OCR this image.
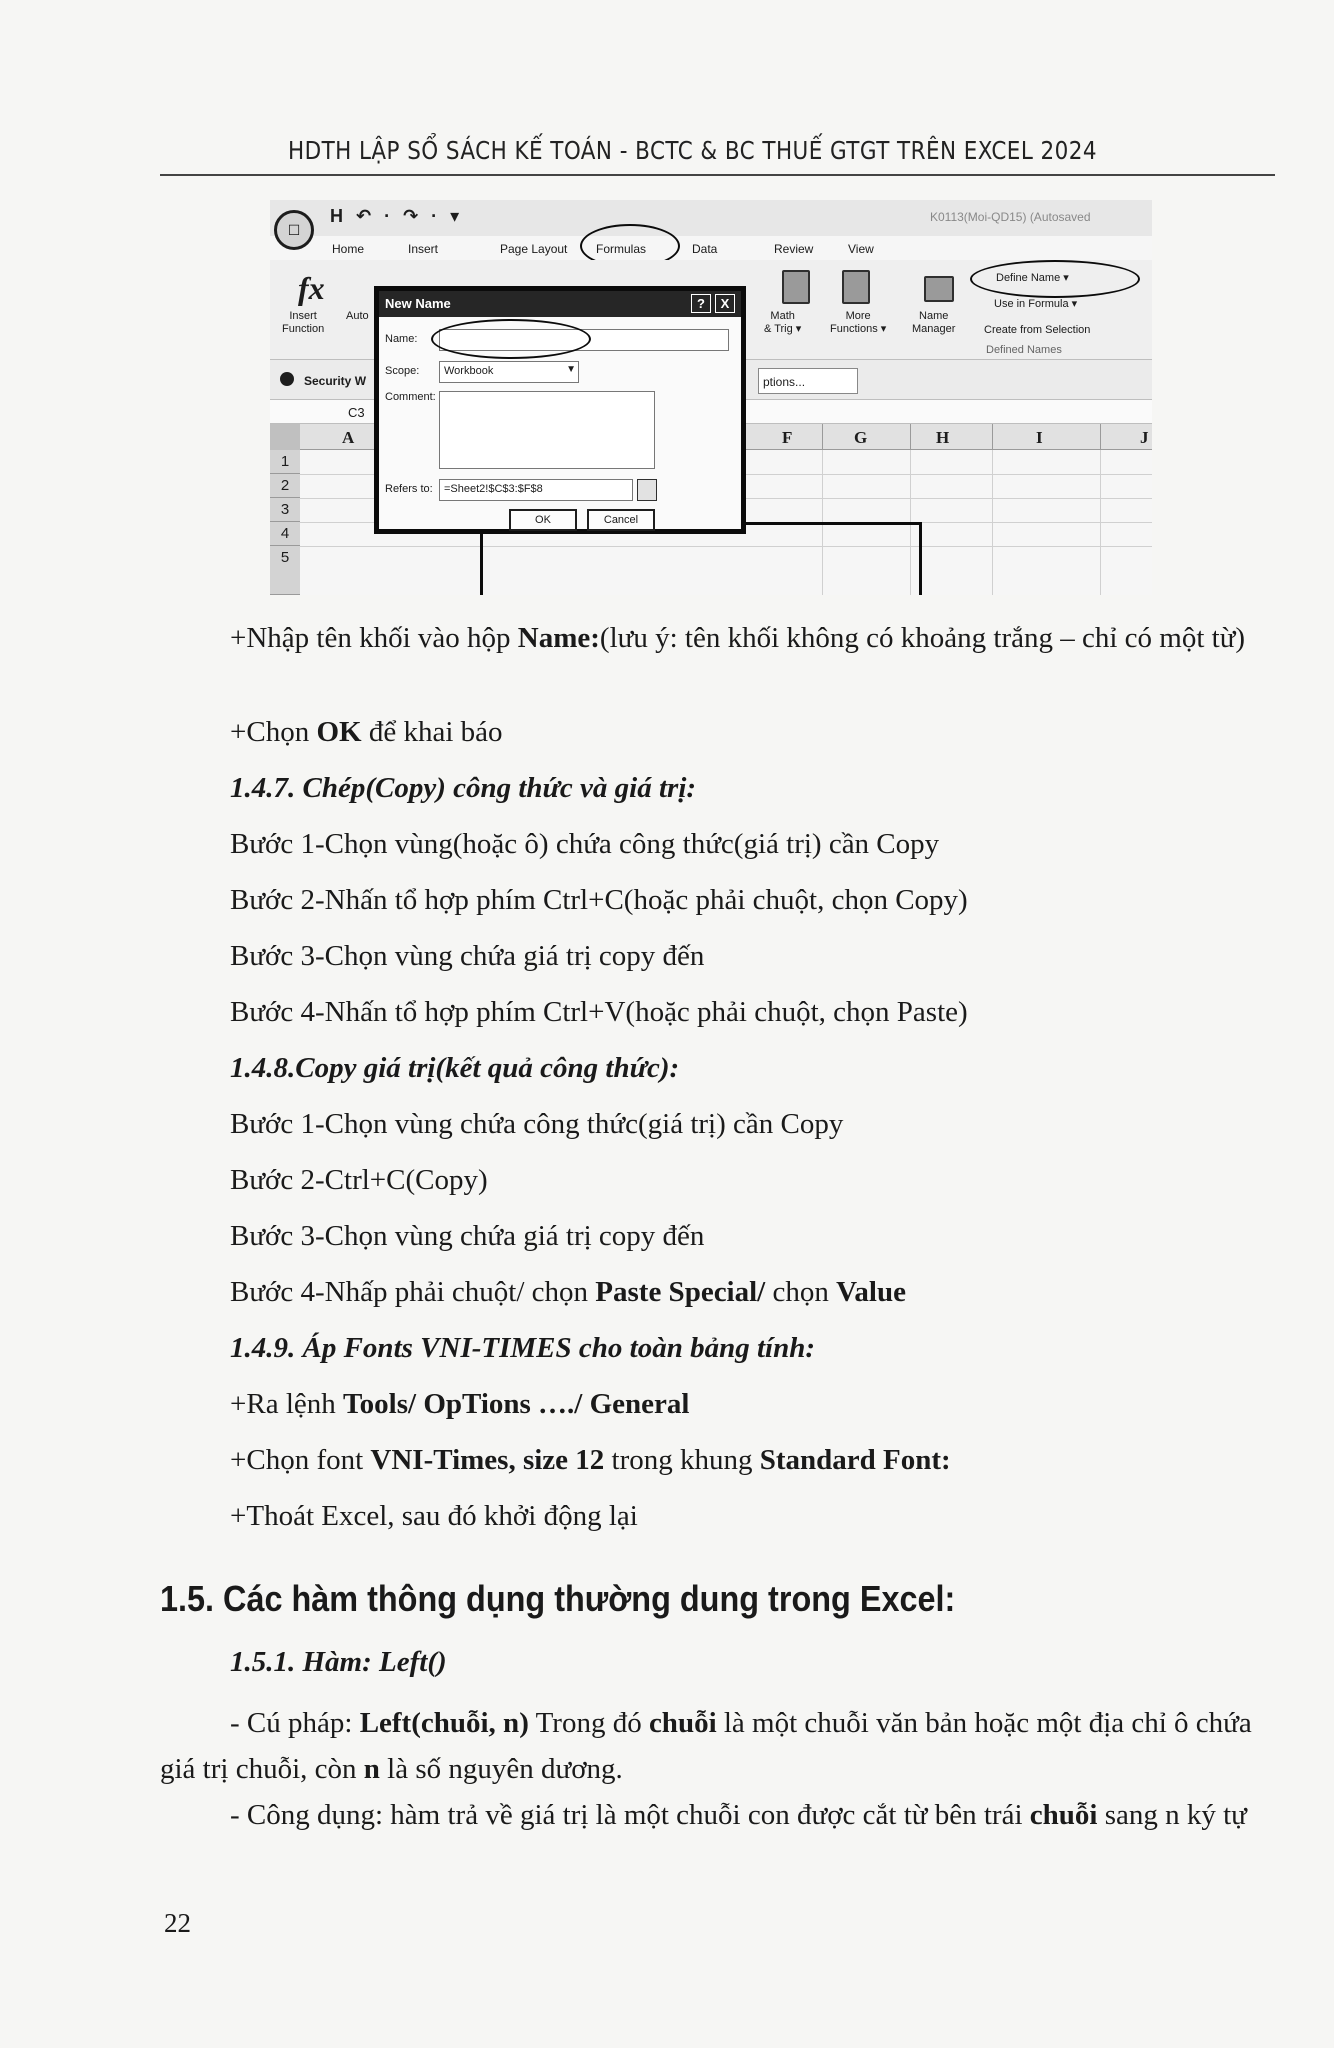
HDTH LẬP SỔ SÁCH KẾ TOÁN - BCTC & BC THUẾ GTGT TRÊN EXCEL 2024
H ↶ · ↷ · ▾	K0113(Moi-QD15) (Autosaved
☐
Home	Insert	Page Layout Formulas	Data	Review	View
fx
Insert
Function
Auto	Math
& Trig ▾
More
Functions ▾
Name
Manager
Define Name ▾
Use in Formula ▾
Create from Selection
Defined Names
Security W	ptions...
C3
A	F	G	H	I	J
1
2
3
4
5
New Name	?	X
Name:
Scope:	Workbook	▼
Comment:
Refers to:	=Sheet2!$C$3:$F$8
OK	Cancel
+Nhập tên khối vào hộp Name:(lưu ý: tên khối không có khoảng trắng – chỉ có một từ)
+Chọn OK để khai báo
1.4.7. Chép(Copy) công thức và giá trị:
Bước 1-Chọn vùng(hoặc ô) chứa công thức(giá trị) cần Copy
Bước 2-Nhấn tổ hợp phím Ctrl+C(hoặc phải chuột, chọn Copy)
Bước 3-Chọn vùng chứa giá trị copy đến
Bước 4-Nhấn tổ hợp phím Ctrl+V(hoặc phải chuột, chọn Paste)
1.4.8.Copy giá trị(kết quả công thức):
Bước 1-Chọn vùng chứa công thức(giá trị) cần Copy
Bước 2-Ctrl+C(Copy)
Bước 3-Chọn vùng chứa giá trị copy đến
Bước 4-Nhấp phải chuột/ chọn Paste Special/ chọn Value
1.4.9. Áp Fonts VNI-TIMES cho toàn bảng tính:
+Ra lệnh Tools/ OpTions …./ General
+Chọn font VNI-Times, size 12 trong khung Standard Font:
+Thoát Excel, sau đó khởi động lại
1.5. Các hàm thông dụng thường dung trong Excel:
1.5.1. Hàm: Left()
- Cú pháp: Left(chuỗi, n) Trong đó chuỗi là một chuỗi văn bản hoặc một địa chỉ ô chứa giá trị chuỗi, còn n là số nguyên dương.
- Công dụng: hàm trả về giá trị là một chuỗi con được cắt từ bên trái chuỗi sang n ký tự
22
